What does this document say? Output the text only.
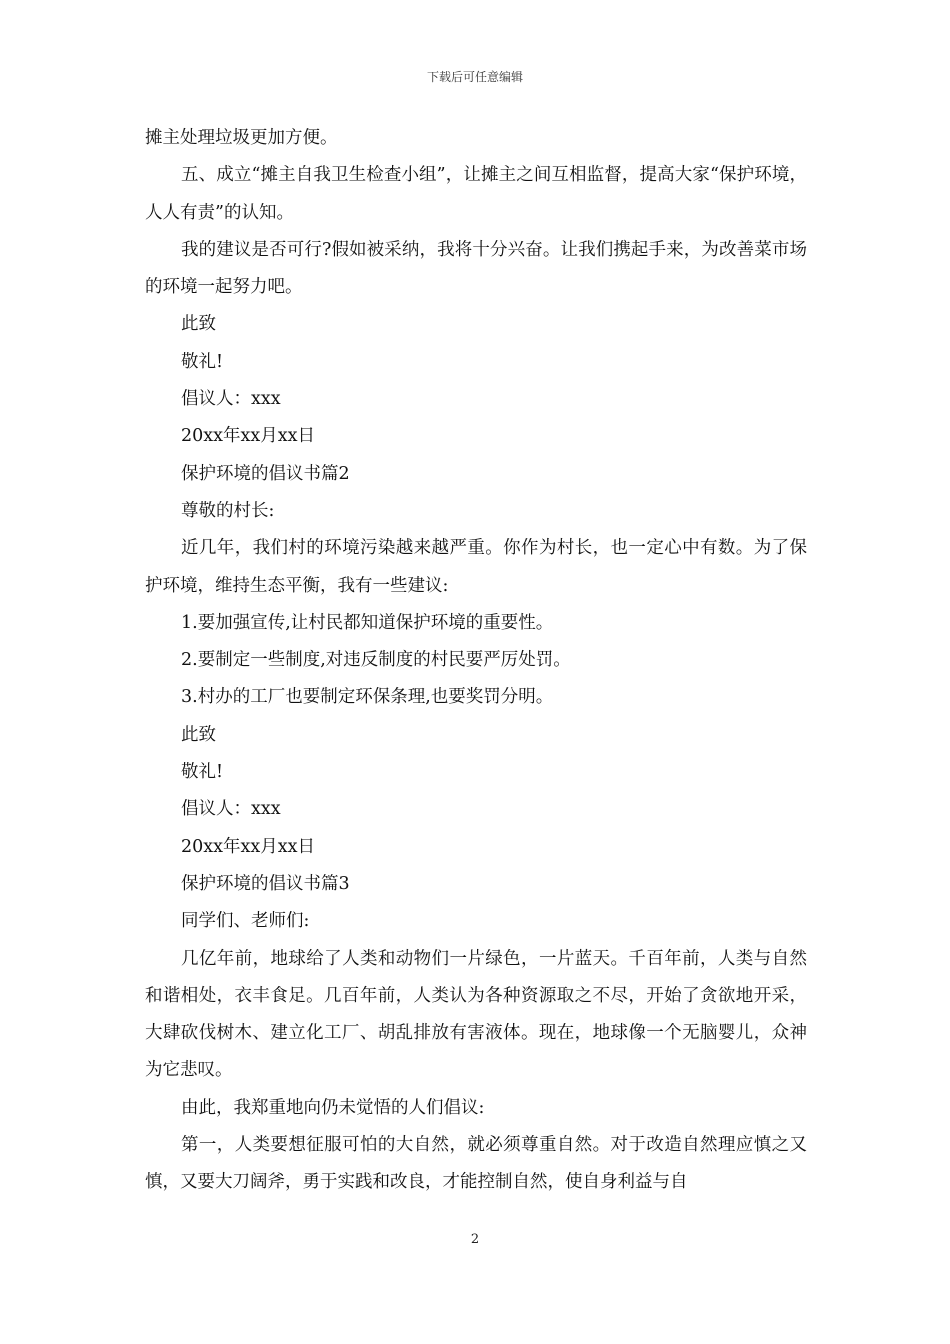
下载后可任意编辑

摊主处理垃圾更加方便。

五、成立“摊主自我卫生检查小组”，让摊主之间互相监督，提高大家“保护环境，人人有责”的认知。

我的建议是否可行?假如被采纳，我将十分兴奋。让我们携起手来，为改善菜市场的环境一起努力吧。

此致

敬礼!

倡议人：xxx

20xx年xx月xx日

保护环境的倡议书篇2

尊敬的村长:

近几年，我们村的环境污染越来越严重。你作为村长，也一定心中有数。为了保护环境，维持生态平衡，我有一些建议:

1.要加强宣传,让村民都知道保护环境的重要性。

2.要制定一些制度,对违反制度的村民要严厉处罚。

3.村办的工厂也要制定环保条理,也要奖罚分明。

此致

敬礼!

倡议人：xxx

20xx年xx月xx日

保护环境的倡议书篇3

同学们、老师们:

几亿年前，地球给了人类和动物们一片绿色，一片蓝天。千百年前，人类与自然和谐相处，衣丰食足。几百年前，人类认为各种资源取之不尽，开始了贪欲地开采，大肆砍伐树木、建立化工厂、胡乱排放有害液体。现在，地球像一个无脑婴儿，众神为它悲叹。

由此，我郑重地向仍未觉悟的人们倡议:

第一，人类要想征服可怕的大自然，就必须尊重自然。对于改造自然理应慎之又慎，又要大刀阔斧，勇于实践和改良，才能控制自然，使自身利益与自

2
